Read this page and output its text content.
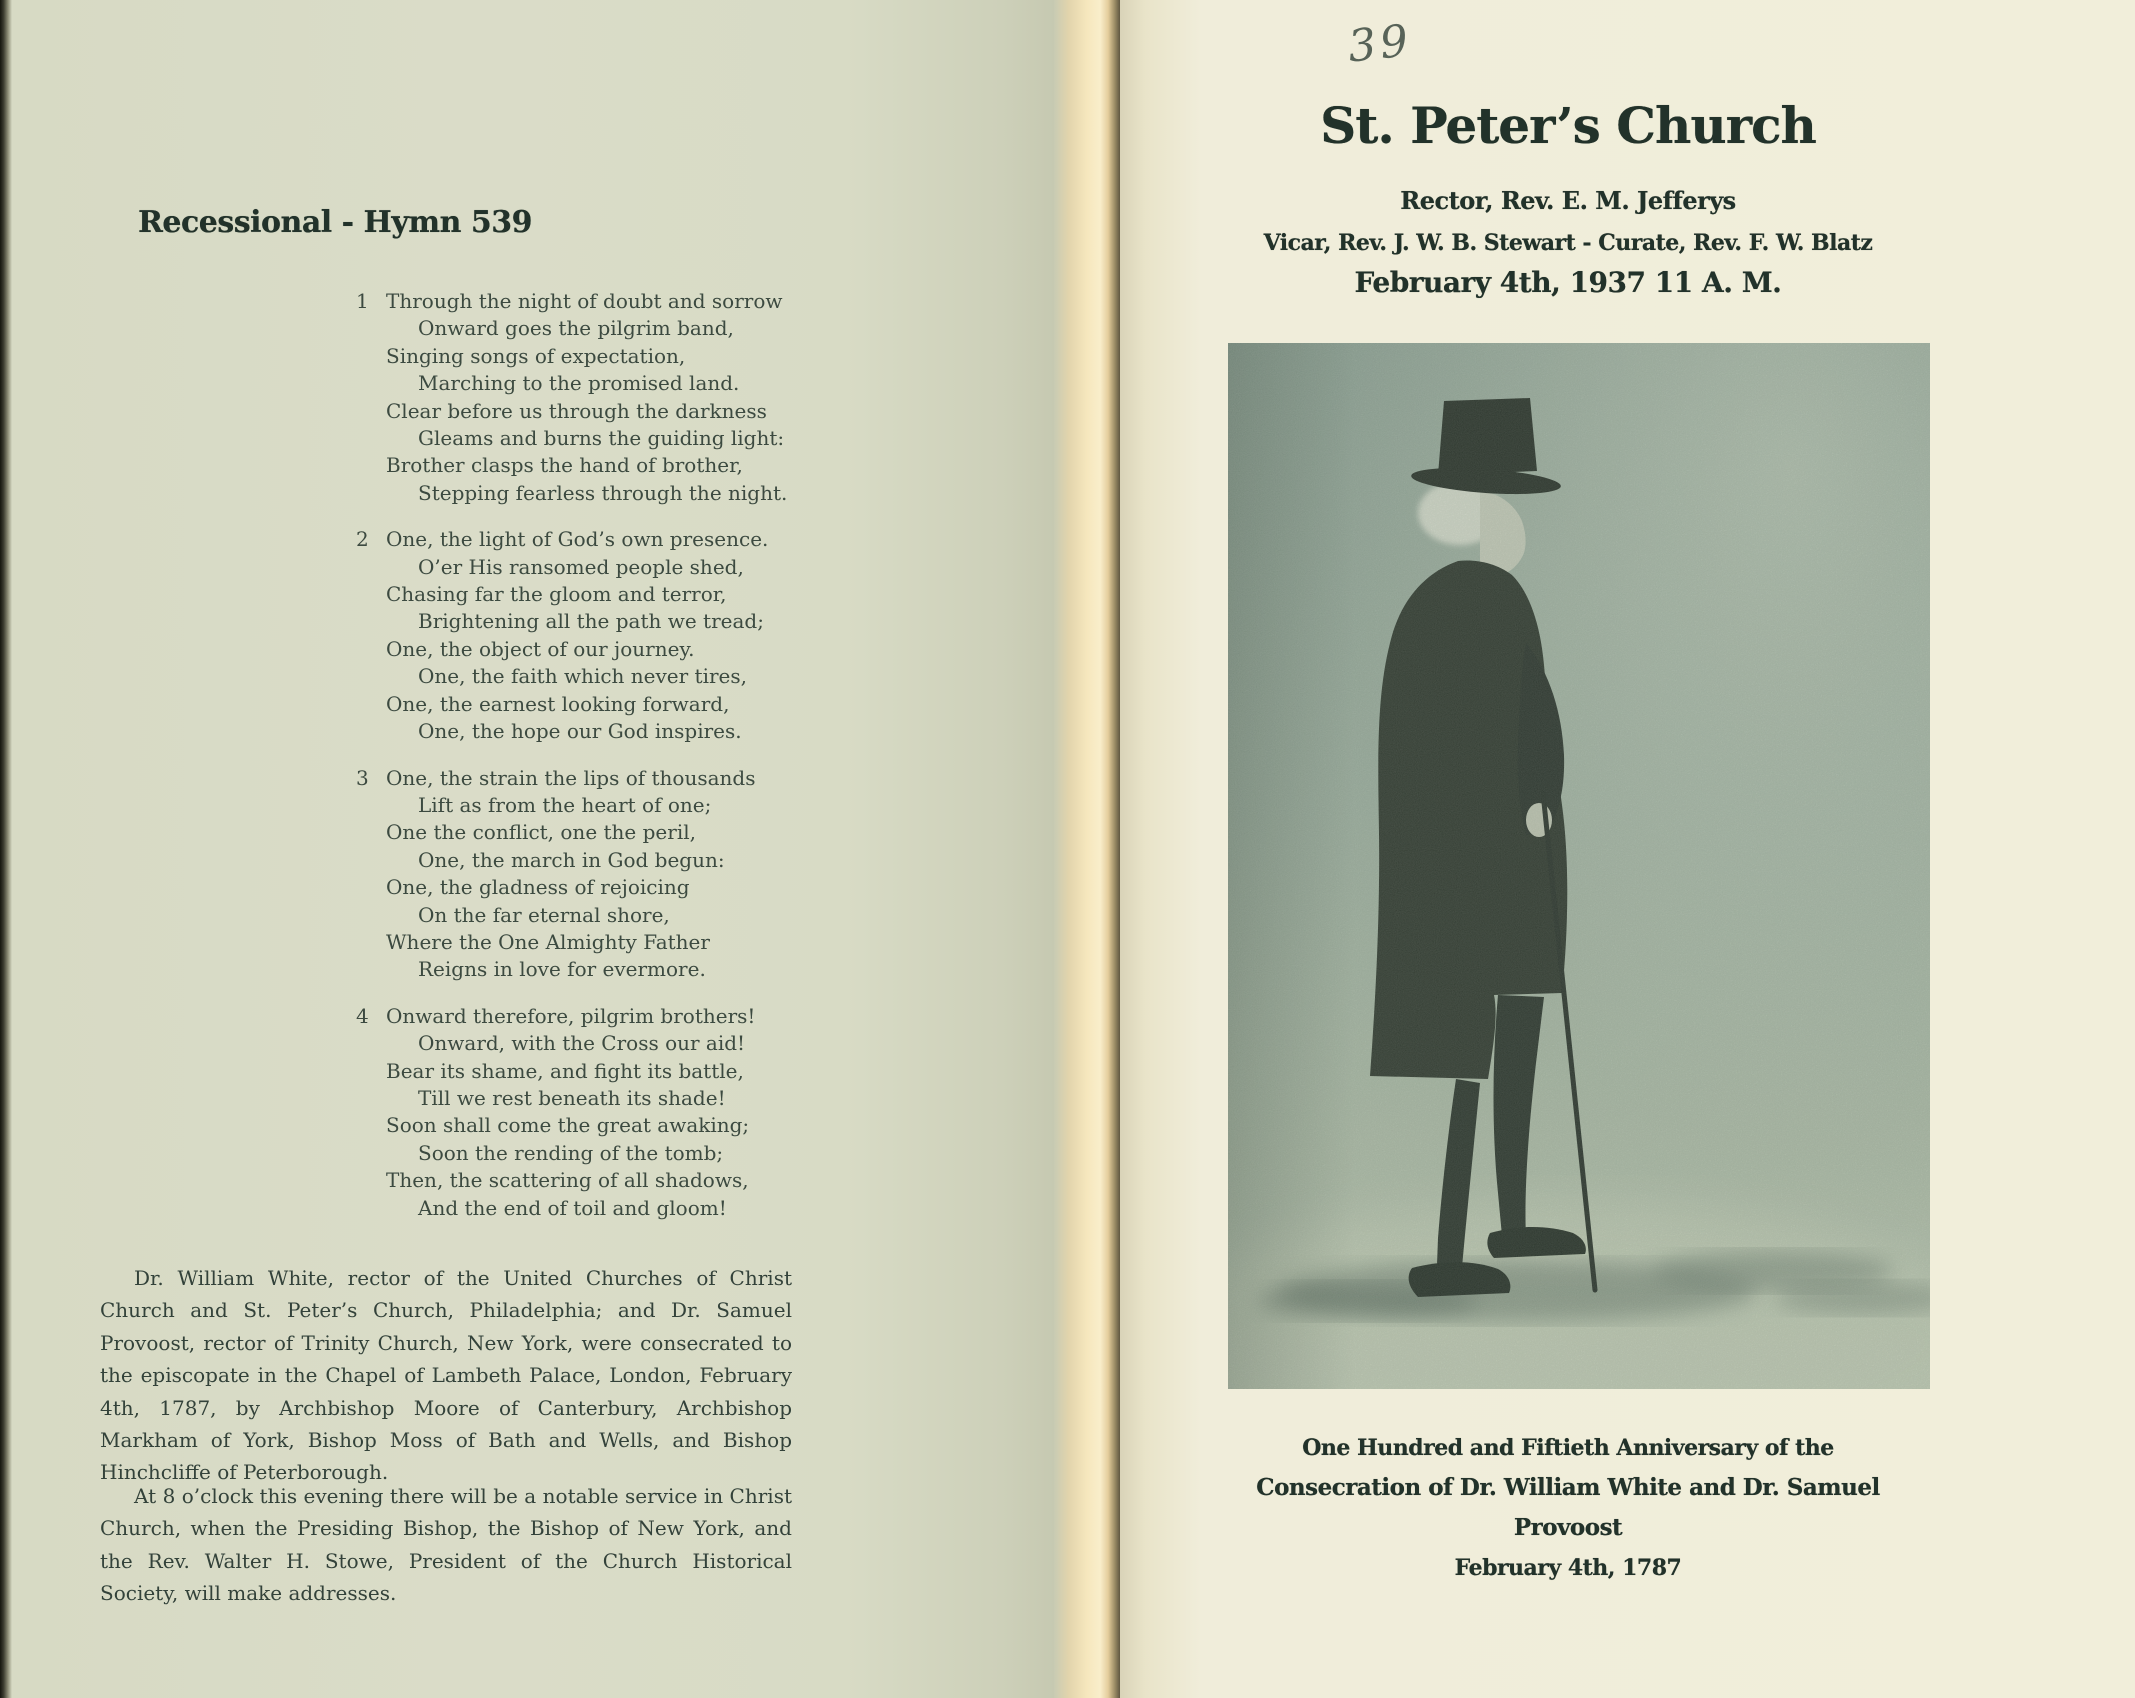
Recessional - Hymn 539
1 Through the night of doubt and sorrow
Onward goes the pilgrim band,
Singing songs of expectation,
Marching to the promised land.
Clear before us through the darkness
Gleams and burns the guiding light:
Brother clasps the hand of brother,
Stepping fearless through the night.
2 One, the light of God’s own presence.
O’er His ransomed people shed,
Chasing far the gloom and terror,
Brightening all the path we tread;
One, the object of our journey.
One, the faith which never tires,
One, the earnest looking forward,
One, the hope our God inspires.
3 One, the strain the lips of thousands
Lift as from the heart of one;
One the conflict, one the peril,
One, the march in God begun:
One, the gladness of rejoicing
On the far eternal shore,
Where the One Almighty Father
Reigns in love for evermore.
4 Onward therefore, pilgrim brothers!
Onward, with the Cross our aid!
Bear its shame, and fight its battle,
Till we rest beneath its shade!
Soon shall come the great awaking;
Soon the rending of the tomb;
Then, the scattering of all shadows,
And the end of toil and gloom!
Dr. William White, rector of the United Churches of Christ Church and St. Peter’s Church, Philadelphia; and Dr. Samuel Provoost, rector of Trinity Church, New York, were consecrated to the episcopate in the Chapel of Lambeth Palace, London, February 4th, 1787, by Archbishop Moore of Canterbury, Archbishop Markham of York, Bishop Moss of Bath and Wells, and Bishop Hinchcliffe of Peterborough.
At 8 o’clock this evening there will be a notable service in Christ Church, when the Presiding Bishop, the Bishop of New York, and the Rev. Walter H. Stowe, President of the Church Historical Society, will make addresses.
39
St. Peter’s Church
Rector, Rev. E. M. Jefferys
Vicar, Rev. J. W. B. Stewart - Curate, Rev. F. W. Blatz
February 4th, 1937 11 A. M.
One Hundred and Fiftieth Anniversary of the
Consecration of Dr. William White and Dr. Samuel Provoost
February 4th, 1787
